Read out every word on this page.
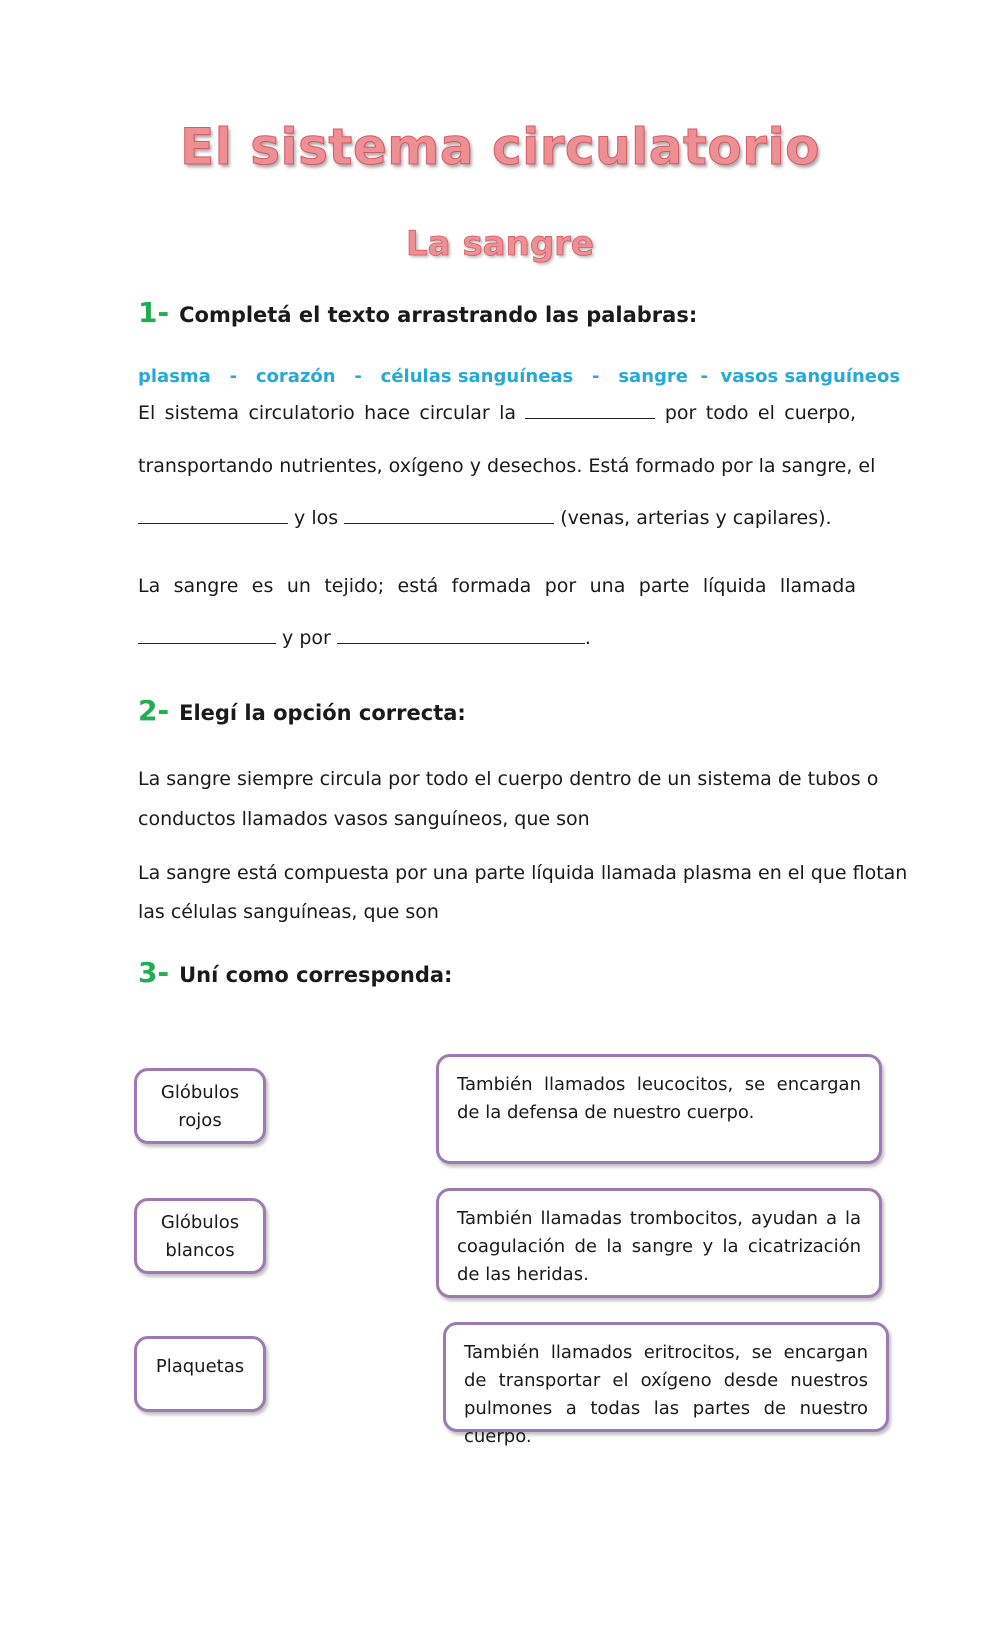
El sistema circulatorio
La sangre
1- Completá el texto arrastrando las palabras:
plasma   -   corazón   -   células sanguíneas   -   sangre  -  vasos sanguíneos
El sistema circulatorio hace circular la	por todo el cuerpo,
transportando nutrientes, oxígeno y desechos. Está formado por la sangre, el
y los	(venas, arterias y capilares).
La sangre es un tejido; está formada por una parte líquida llamada
y por	.
2- Elegí la opción correcta:
La sangre siempre circula por todo el cuerpo dentro de un sistema de tubos o
conductos llamados vasos sanguíneos, que son
La sangre está compuesta por una parte líquida llamada plasma en el que flotan
las células sanguíneas, que son
3- Uní como corresponda:
Glóbulos
rojos
Glóbulos
blancos
Plaquetas
También llamados leucocitos, se encargan de la defensa de nuestro cuerpo.
También llamadas trombocitos, ayudan a la coagulación de la sangre y la cicatrización de las heridas.
También llamados eritrocitos, se encargan de transportar el oxígeno desde nuestros pulmones a todas las partes de nuestro cuerpo.
